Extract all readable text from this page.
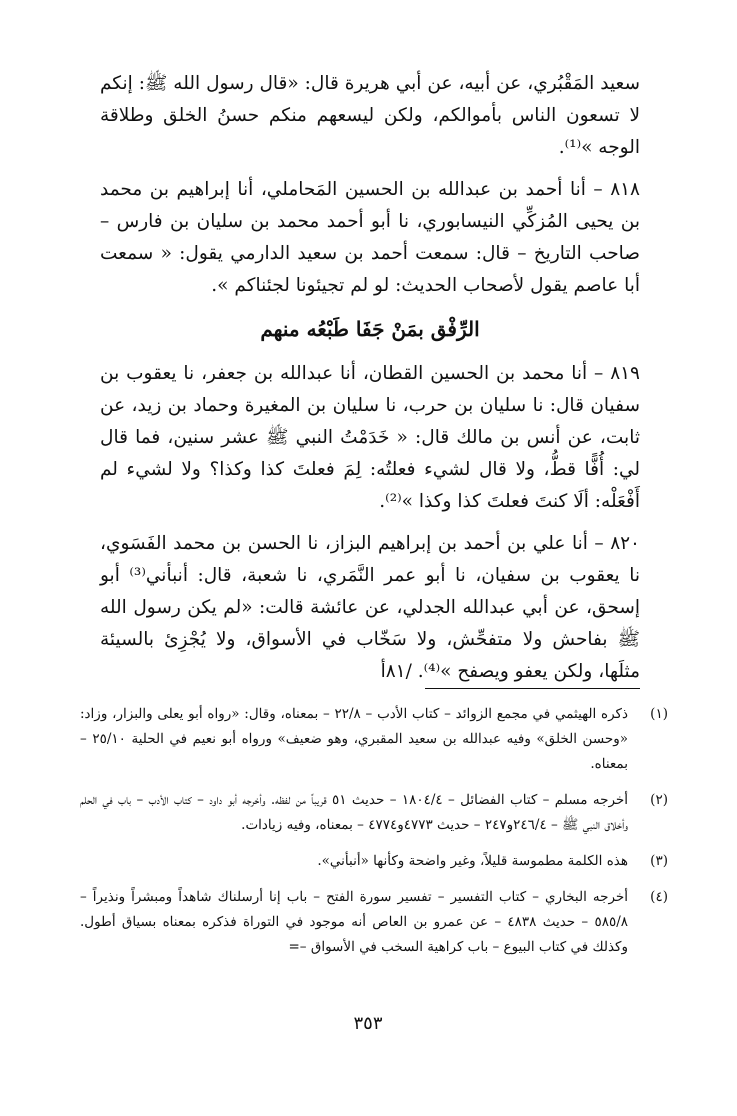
سعيد المَقْبُري، عن أبيه، عن أبي هريرة قال: «قال رسول الله ﷺ: إنكم لا تسعون الناس بأموالكم، ولكن ليسعهم منكم حسنُ الخلق وطلاقة الوجه »⁽¹⁾.

٨١٨ – أنا أحمد بن عبدالله بن الحسين المَحاملي، أنا إبراهيم بن محمد بن يحيى المُزكِّي النيسابوري، نا أبو أحمد محمد بن سليان بن فارس – صاحب التاريخ – قال: سمعت أحمد بن سعيد الدارمي يقول: « سمعت أبا عاصم يقول لأصحاب الحديث: لو لم تجيئونا لجئناكم ».

الرِّفْق بمَنْ جَفَا طَبْعُه منهم

٨١٩ – أنا محمد بن الحسين القطان، أنا عبدالله بن جعفر، نا يعقوب بن سفيان قال: نا سليان بن حرب، نا سليان بن المغيرة وحماد بن زيد، عن ثابت، عن أنس بن مالك قال: « خَدَمْتُ النبي ﷺ عشر سنين، فما قال لي: أُفًّا قطُّ، ولا قال لشيء فعلتُه: لِمَ فعلتَ كذا وكذا؟ ولا لشيء لم أَفْعَلْه: ألَا كنتَ فعلتَ كذا وكذا »⁽²⁾.

٨٢٠ – أنا علي بن أحمد بن إبراهيم البزاز، نا الحسن بن محمد الفَسَوي، نا يعقوب بن سفيان، نا أبو عمر النَّمَري، نا شعبة، قال: أنبأني⁽³⁾ أبو إسحق، عن أبي عبدالله الجدلي، عن عائشة قالت: «لم يكن رسول الله ﷺ بفاحش ولا متفحِّش، ولا سَخّاب في الأسواق، ولا يُجْزِئ بالسيئة مثلَها، ولكن يعفو ويصفح »⁽⁴⁾. /٨١أ

(١)
ذكره الهيثمي في مجمع الزوائد – كتاب الأدب – ٢٢/٨ – بمعناه، وقال: «رواه أبو يعلى والبزار، وزاد: «وحسن الخلق» وفيه عبدالله بن سعيد المقبري، وهو ضعيف» ورواه أبو نعيم في الحلية ٢٥/١٠ – بمعناه.
(٢)
أخرجه مسلم – كتاب الفضائل – ١٨٠٤/٤ – حديث ٥١ قريباً من لفظه. وأخرجه أبو داود – كتاب الأدب – باب في الحلم وأخلاق النبي ﷺ – ٢٤٦/٤و٢٤٧ – حديث ٤٧٧٣و٤٧٧٤ – بمعناه، وفيه زيادات.
(٣)
هذه الكلمة مطموسة قليلاً، وغير واضحة وكأنها «أنبأني».
(٤)
أخرجه البخاري – كتاب التفسير – تفسير سورة الفتح – باب إنا أرسلناك شاهداً ومبشراً ونذيراً – ٥٨٥/٨ – حديث ٤٨٣٨ – عن عمرو بن العاص أنه موجود في التوراة فذكره بمعناه بسياق أطول. وكذلك في كتاب البيوع – باب كراهية السخب في الأسواق –=
٣٥٣
